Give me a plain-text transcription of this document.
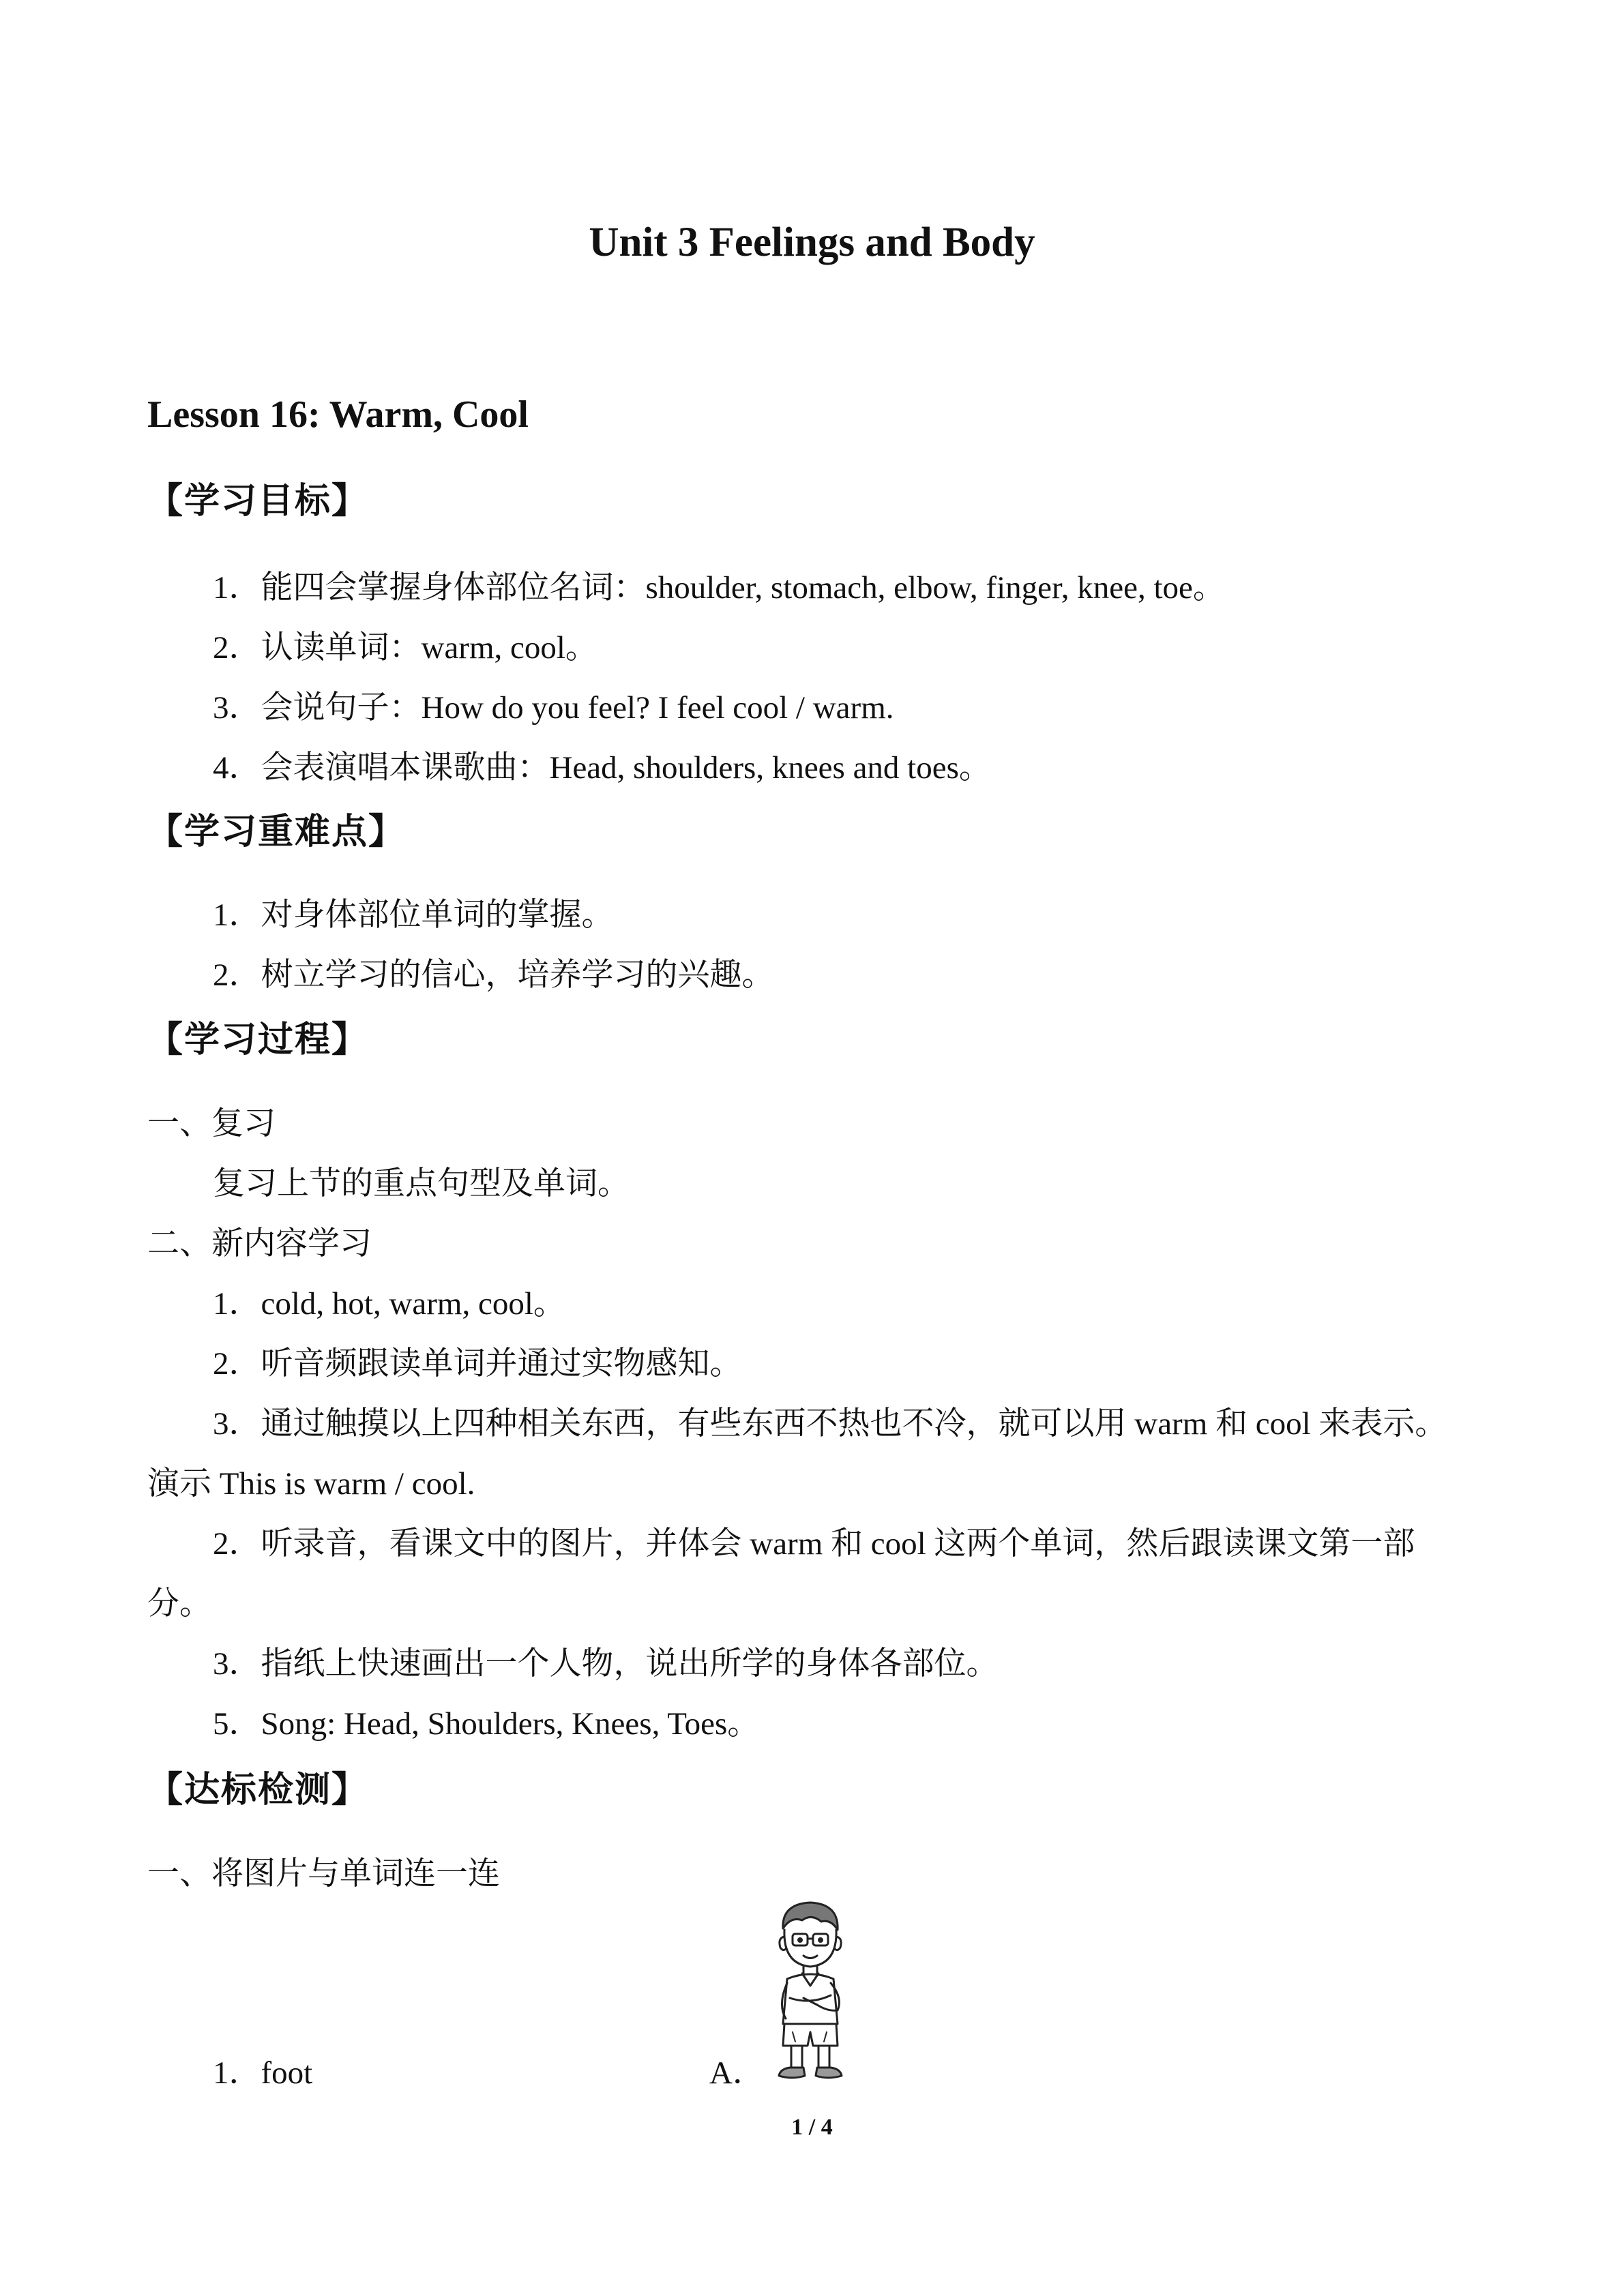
Unit 3 Feelings and Body
Lesson 16: Warm, Cool
【学习目标】
1．能四会掌握身体部位名词：shoulder, stomach, elbow, finger, knee, toe。
2．认读单词：warm, cool。
3．会说句子：How do you feel? I feel cool / warm.
4．会表演唱本课歌曲：Head, shoulders, knees and toes。
【学习重难点】
1．对身体部位单词的掌握。
2．树立学习的信心，培养学习的兴趣。
【学习过程】
一、复习
复习上节的重点句型及单词。
二、新内容学习
1．cold, hot, warm, cool。
2．听音频跟读单词并通过实物感知。
3．通过触摸以上四种相关东西，有些东西不热也不冷，就可以用 warm 和 cool 来表示。
演示 This is warm / cool.
2．听录音，看课文中的图片，并体会 warm 和 cool 这两个单词，然后跟读课文第一部
分。
3．指纸上快速画出一个人物，说出所学的身体各部位。
5．Song: Head, Shoulders, Knees, Toes。
【达标检测】
一、将图片与单词连一连
1．foot	A．
1 / 4
